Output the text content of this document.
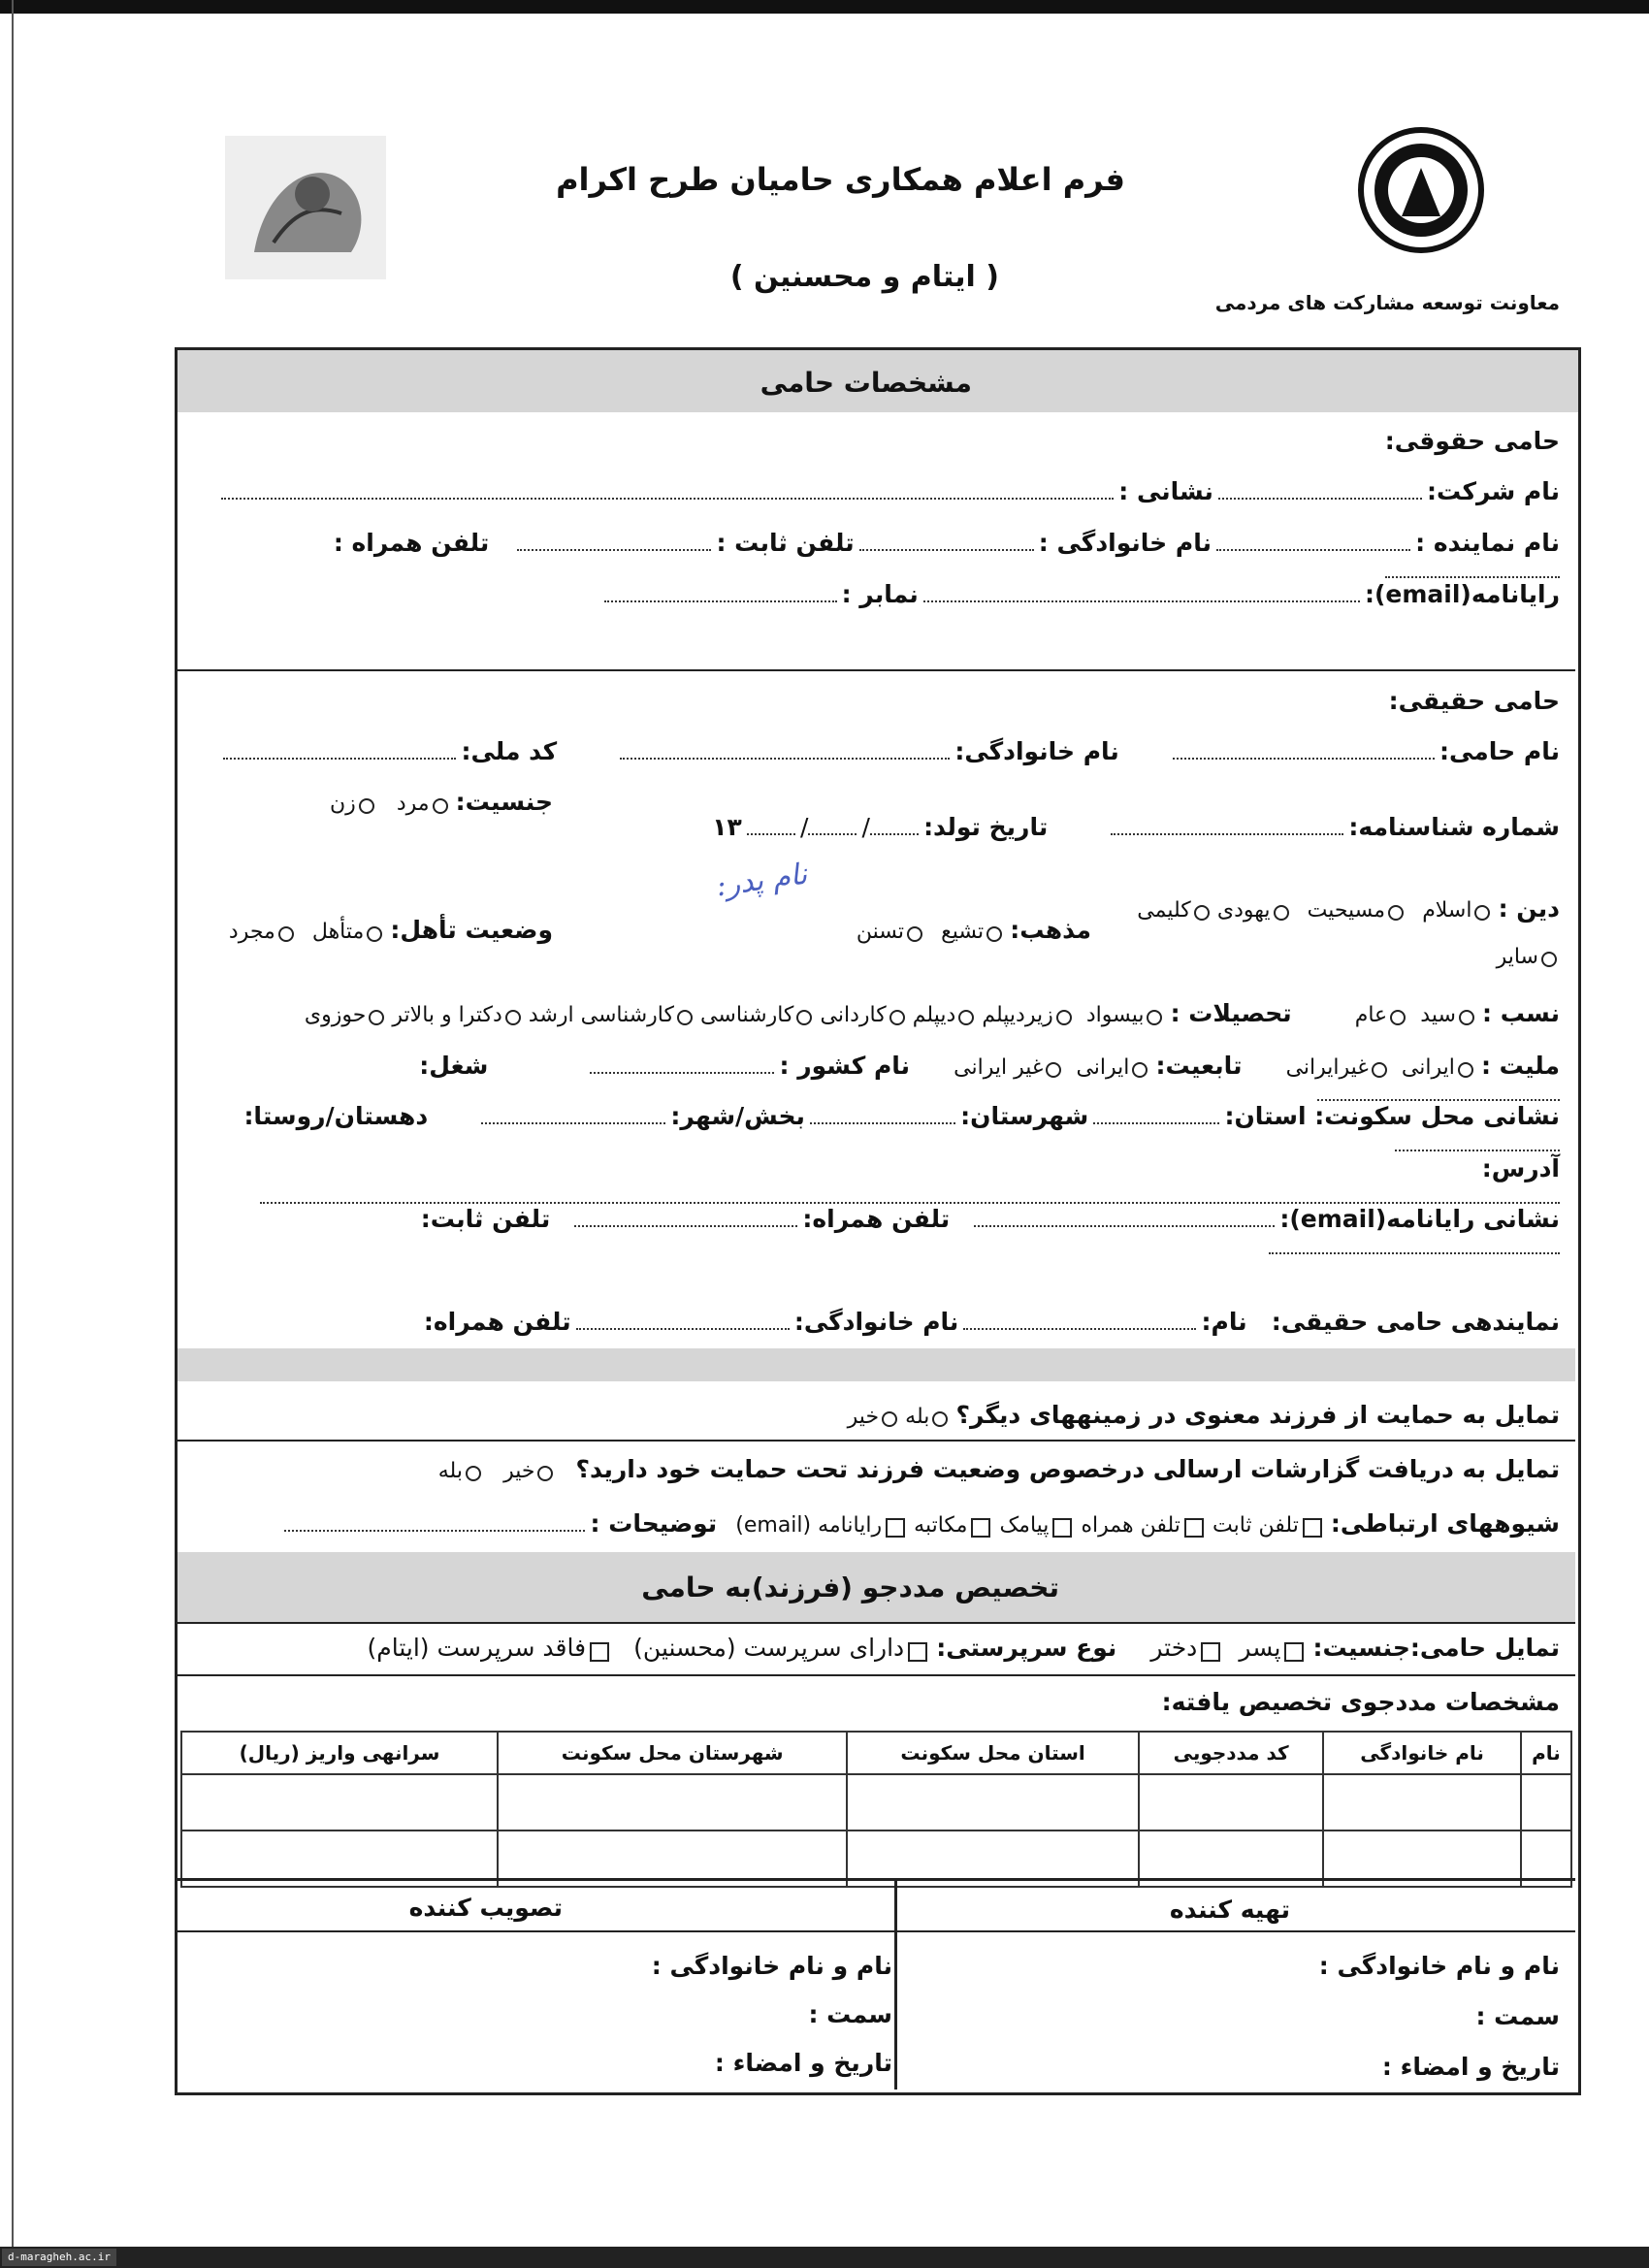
فرم اعلام همکاری حامیان طرح اکرام
( ایتام و محسنین )
معاونت توسعه مشارکت های مردمی
مشخصات حامی
حامی حقوقی:
نام شرکت:  نشانی :
نام نماینده :  نام خانوادگی :  تلفن ثابت :  تلفن همراه :
رایانامه(email):  نمابر :
حامی حقیقی:
نام حامی:  نام خانوادگی:  کد ملی:
جنسیت: مرد زن
شماره شناسنامه:  تاریخ تولد: / /  ۱۳
نام پدر:
دین : اسلام مسیحیت یهودی کلیمی
سایر
مذهب: تشیع تسنن
وضعیت تأهل: متأهل مجرد
نسب : سید عام تحصیلات : بیسواد زیردیپلم دیپلم کاردانی کارشناسی کارشناسی ارشد دکترا و بالاتر حوزوی
ملیت : ایرانی غیرایرانی تابعیت: ایرانی غیر ایرانی نام کشور :  شغل:
نشانی محل سکونت: استان:  شهرستان:  بخش/شهر:  دهستان/روستا:
آدرس:
نشانی رایانامه(email):  تلفن همراه:  تلفن ثابت:
نمایندهی حامی حقیقی: نام:  نام خانوادگی:  تلفن همراه:
تمایل به حمایت از فرزند معنوی در زمینههای دیگر؟ بله خیر
تمایل به دریافت گزارشات ارسالی درخصوص وضعیت فرزند تحت حمایت خود دارید؟ خیر بله
شیوههای ارتباطی: تلفن ثابت تلفن همراه پیامک مکاتبه رایانامه (email) توضیحات :
تخصیص مددجو (فرزند)به حامی
تمایل حامی:جنسیت: پسر دختر نوع سرپرستی: دارای سرپرست (محسنین) فاقد سرپرست (ایتام)
مشخصات مددجوی تخصیص یافته:
نام	نام خانوادگی	کد مددجویی	استان محل سکونت	شهرستان محل سکونت	سرانهی واریز (ریال)

تهیه کننده
تصویب کننده
نام و نام خانوادگی :
سمت :
تاریخ و امضاء :
نام و نام خانوادگی :
سمت :
تاریخ و امضاء :
d-maragheh.ac.ir
